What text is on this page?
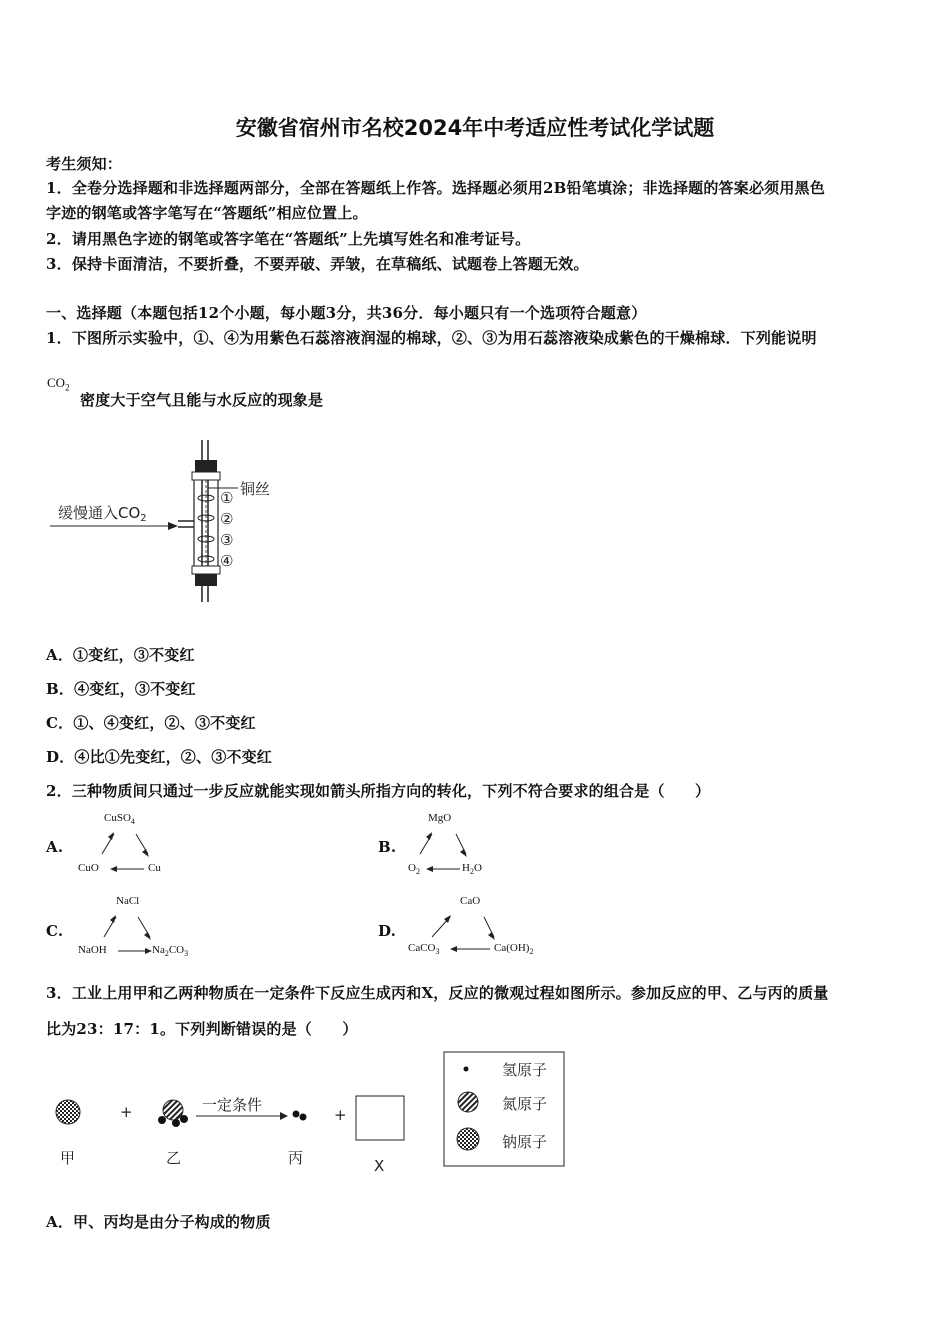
安徽省宿州市名校2024年中考适应性考试化学试题
考生须知：
1．全卷分选择题和非选择题两部分，全部在答题纸上作答。选择题必须用2B铅笔填涂；非选择题的答案必须用黑色
字迹的钢笔或答字笔写在“答题纸”相应位置上。
2．请用黑色字迹的钢笔或答字笔在“答题纸”上先填写姓名和准考证号。
3．保持卡面清洁，不要折叠，不要弄破、弄皱，在草稿纸、试题卷上答题无效。
一、选择题（本题包括12个小题，每小题3分，共36分．每小题只有一个选项符合题意）
1．下图所示实验中，①、④为用紫色石蕊溶液润湿的棉球，②、③为用石蕊溶液染成紫色的干燥棉球．下列能说明
$CO_2$
密度大于空气且能与水反应的现象是
缓慢通入$CO_2$
铜丝
①
②
③
④
A．①变红，③不变红
B．④变红，③不变红
C．①、④变红，②、③不变红
D．④比①先变红，②、③不变红
2．三种物质间只通过一步反应就能实现如箭头所指方向的转化，下列不符合要求的组合是（　　）
A.
CuSO$_4$
CuO	Cu
B.
MgO
$O_2$	$H_2O$
C.
NaCl
NaOH	$Na_2CO_3$
D.
CaO
CaCO$_3$	$Ca(OH)_2$
3．工业上用甲和乙两种物质在一定条件下反应生成丙和X，反应的微观过程如图所示。参加反应的甲、乙与丙的质量
比为23：17：1。下列判断错误的是（　　）
甲
+
乙
一定条件
丙
+
X
氢原子
氮原子
钠原子
A．甲、丙均是由分子构成的物质
